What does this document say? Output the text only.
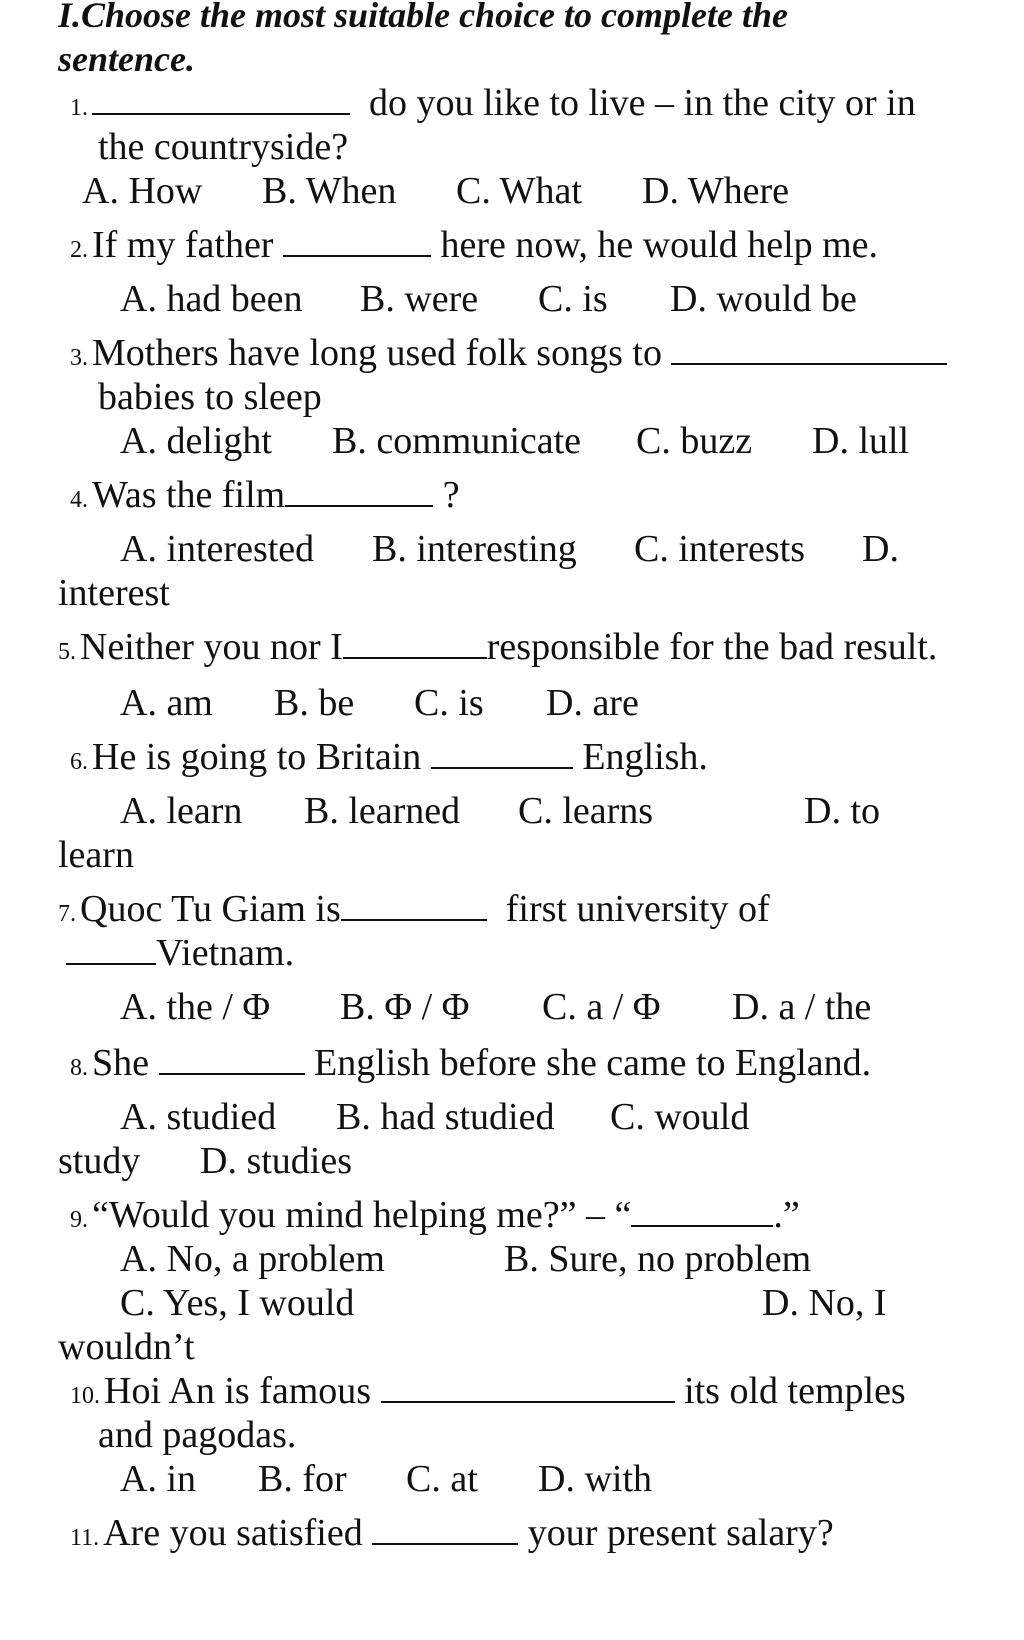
I.Choose the most suitable choice to complete the
sentence.
1.	do you like to live – in the city or in
the countryside?
A. How B. When C. What D. Where
2. If my father	here now, he would help me.
A. had been B. were C. is D. would be
3. Mothers have long used folk songs to
babies to sleep
A. delight B. communicate C. buzz D. lull
4. Was the film	?
A. interested B. interesting C. interests D.
interest
5. Neither you nor I	responsible for the bad result.
A. am B. be C. is D. are
6. He is going to Britain	English.
A. learn B. learned C. learns	D. to
learn
7. Quoc Tu Giam is	first university of
Vietnam.
A. the / Φ B. Φ / Φ C. a / Φ D. a / the
8. She	English before she came to England.
A. studied B. had studied C. would
study D. studies
9. “Would you mind helping me?” – “	.”
A. No, a problem	B. Sure, no problem
C. Yes, I would	D. No, I
wouldn’t
10. Hoi An is famous	its old temples
and pagodas.
A. in B. for C. at D. with
11. Are you satisfied	your present salary?
